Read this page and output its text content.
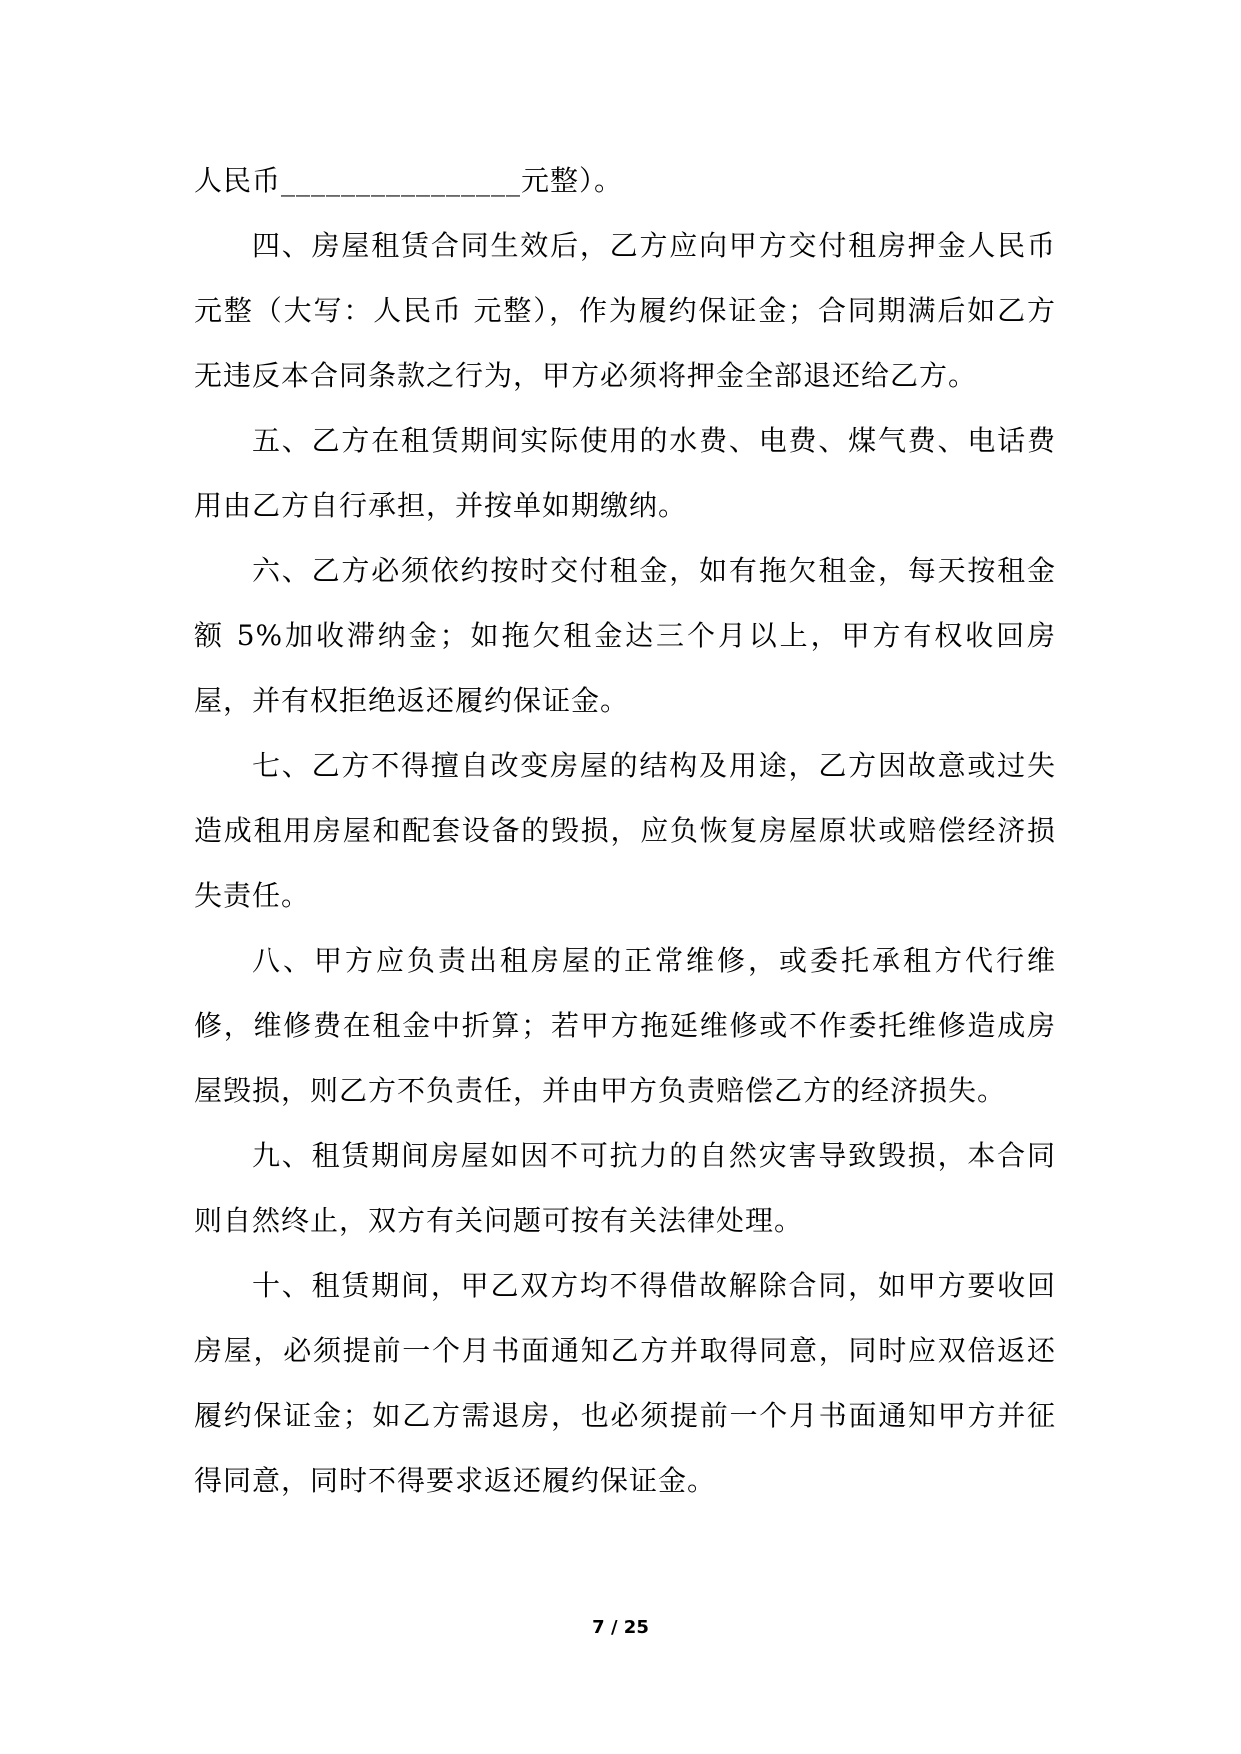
人民币________________元整）。

四、房屋租赁合同生效后，乙方应向甲方交付租房押金人民币 元整（大写：人民币 元整），作为履约保证金；合同期满后如乙方无违反本合同条款之行为，甲方必须将押金全部退还给乙方。

五、乙方在租赁期间实际使用的水费、电费、煤气费、电话费用由乙方自行承担，并按单如期缴纳。

六、乙方必须依约按时交付租金，如有拖欠租金，每天按租金额 5%加收滞纳金；如拖欠租金达三个月以上，甲方有权收回房屋，并有权拒绝返还履约保证金。

七、乙方不得擅自改变房屋的结构及用途，乙方因故意或过失造成租用房屋和配套设备的毁损，应负恢复房屋原状或赔偿经济损失责任。

八、甲方应负责出租房屋的正常维修，或委托承租方代行维修，维修费在租金中折算；若甲方拖延维修或不作委托维修造成房屋毁损，则乙方不负责任，并由甲方负责赔偿乙方的经济损失。

九、租赁期间房屋如因不可抗力的自然灾害导致毁损，本合同则自然终止，双方有关问题可按有关法律处理。

十、租赁期间，甲乙双方均不得借故解除合同，如甲方要收回房屋，必须提前一个月书面通知乙方并取得同意，同时应双倍返还履约保证金；如乙方需退房，也必须提前一个月书面通知甲方并征得同意，同时不得要求返还履约保证金。

7 / 25
